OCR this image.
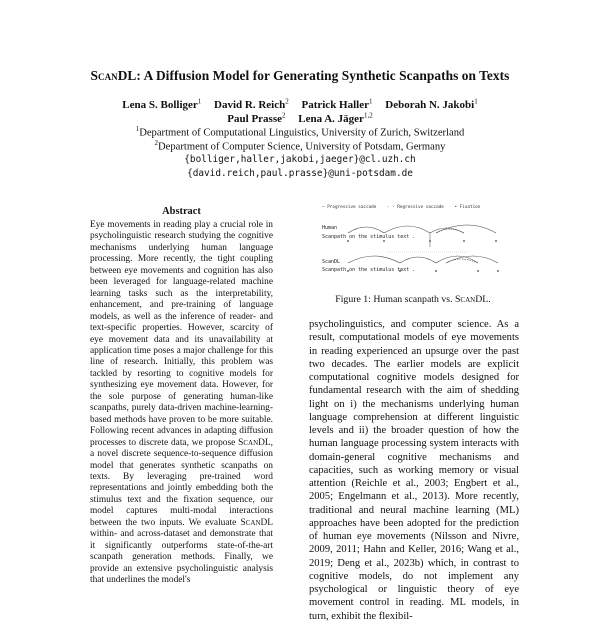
ScanDL: A Diffusion Model for Generating Synthetic Scanpaths on Texts
Lena S. Bolliger$^1$ David R. Reich$^2$ Patrick Haller$^1$ Deborah N. Jakobi$^1$
Paul Prasse$^2$ Lena A. Jäger$^{1,2}$
$^1$Department of Computational Linguistics, University of Zurich, Switzerland
$^2$Department of Computer Science, University of Potsdam, Germany
{bolliger,haller,jakobi,jaeger}@cl.uzh.ch
{david.reich,paul.prasse}@uni-potsdam.de
Abstract
Eye movements in reading play a crucial role in psycholinguistic research studying the cognitive mechanisms underlying human language processing. More recently, the tight coupling between eye movements and cognition has also been leveraged for language-related machine learning tasks such as the interpretability, enhancement, and pre-training of language models, as well as the inference of reader- and text-specific properties. However, scarcity of eye movement data and its unavailability at application time poses a major challenge for this line of research. Initially, this problem was tackled by resorting to cognitive models for synthesizing eye movement data. However, for the sole purpose of generating human-like scanpaths, purely data-driven machine-learning-based methods have proven to be more suitable. Following recent advances in adapting diffusion processes to discrete data, we propose ScanDL, a novel discrete sequence-to-sequence diffusion model that generates synthetic scanpaths on texts. By leveraging pre-trained word representations and jointly embedding both the stimulus text and the fixation sequence, our model captures multi-modal interactions between the two inputs. We evaluate ScanDL within- and across-dataset and demonstrate that it significantly outperforms state-of-the-art scanpath generation methods. Finally, we provide an extensive psycholinguistic analysis that underlines the model's
— Progressive saccade - - Regressive saccade • Fixation
Human
Scanpath on the stimulus text .
ScanDL
Scanpath on the stimulus text .
Figure 1: Human scanpath vs. ScanDL.
psycholinguistics, and computer science. As a result, computational models of eye movements in reading experienced an upsurge over the past two decades. The earlier models are explicit computational cognitive models designed for fundamental research with the aim of shedding light on i) the mechanisms underlying human language comprehension at different linguistic levels and ii) the broader question of how the human language processing system interacts with domain-general cognitive mechanisms and capacities, such as working memory or visual attention (Reichle et al., 2003; Engbert et al., 2005; Engelmann et al., 2013). More recently, traditional and neural machine learning (ML) approaches have been adopted for the prediction of human eye movements (Nilsson and Nivre, 2009, 2011; Hahn and Keller, 2016; Wang et al., 2019; Deng et al., 2023b) which, in contrast to cognitive models, do not implement any psychological or linguistic theory of eye movement control in reading. ML models, in turn, exhibit the flexibil-
